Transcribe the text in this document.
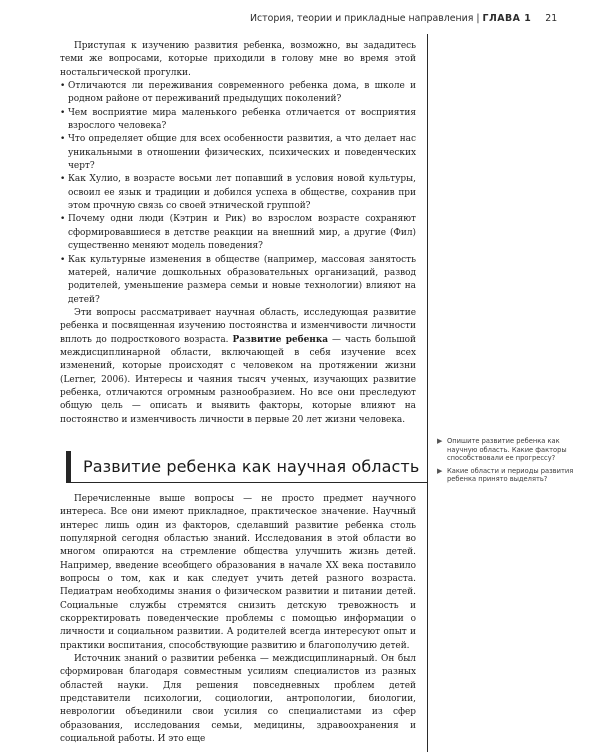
История, теории и прикладные направления | ГЛАВА 1 21

Приступая к изучению развития ребенка, возможно, вы зададитесь теми же вопросами, которые приходили в голову мне во время этой ностальгической прогулки.

• Отличаются ли переживания современного ребенка дома, в школе и родном районе от переживаний предыдущих поколений?
• Чем восприятие мира маленького ребенка отличается от восприятия взрослого человека?
• Что определяет общие для всех особенности развития, а что делает нас уникальными в отношении физических, психических и поведенческих черт?
• Как Хулио, в возрасте восьми лет попавший в условия новой культуры, освоил ее язык и традиции и добился успеха в обществе, сохранив при этом прочную связь со своей этнической группой?
• Почему одни люди (Кэтрин и Рик) во взрослом возрасте сохраняют сформировавшиеся в детстве реакции на внешний мир, а другие (Фил) существенно меняют модель поведения?
• Как культурные изменения в обществе (например, массовая занятость матерей, наличие дошкольных образовательных организаций, развод родителей, уменьшение размера семьи и новые технологии) влияют на детей?

Эти вопросы рассматривает научная область, исследующая развитие ребенка и посвященная изучению постоянства и изменчивости личности вплоть до подросткового возраста. Развитие ребенка — часть большой междисциплинарной области, включающей в себя изучение всех изменений, которые происходят с человеком на протяжении жизни (Lerner, 2006). Интересы и чаяния тысяч ученых, изучающих развитие ребенка, отличаются огромным разнообразием. Но все они преследуют общую цель — описать и выявить факторы, которые влияют на постоянство и изменчивость личности в первые 20 лет жизни человека.

Развитие ребенка как научная область

Перечисленные выше вопросы — не просто предмет научного интереса. Все они имеют прикладное, практическое значение. Научный интерес лишь один из факторов, сделавший развитие ребенка столь популярной сегодня областью знаний. Исследования в этой области во многом опираются на стремление общества улучшить жизнь детей. Например, введение всеобщего образования в начале XX века поставило вопросы о том, как и как следует учить детей разного возраста. Педиатрам необходимы знания о физическом развитии и питании детей. Социальные службы стремятся снизить детскую тревожность и скорректировать поведенческие проблемы с помощью информации о личности и социальном развитии. А родителей всегда интересуют опыт и практики воспитания, способствующие развитию и благополучию детей.

Источник знаний о развитии ребенка — междисциплинарный. Он был сформирован благодаря совместным усилиям специалистов из разных областей науки. Для решения повседневных проблем детей представители психологии, социологии, антропологии, биологии, неврологии объединили свои усилия со специалистами из сфер образования, исследования семьи, медицины, здравоохранения и социальной работы. И это еще

▶ Опишите развитие ребенка как научную область. Какие факторы способствовали ее прогрессу?
▶ Какие области и периоды развития ребенка принято выделять?
